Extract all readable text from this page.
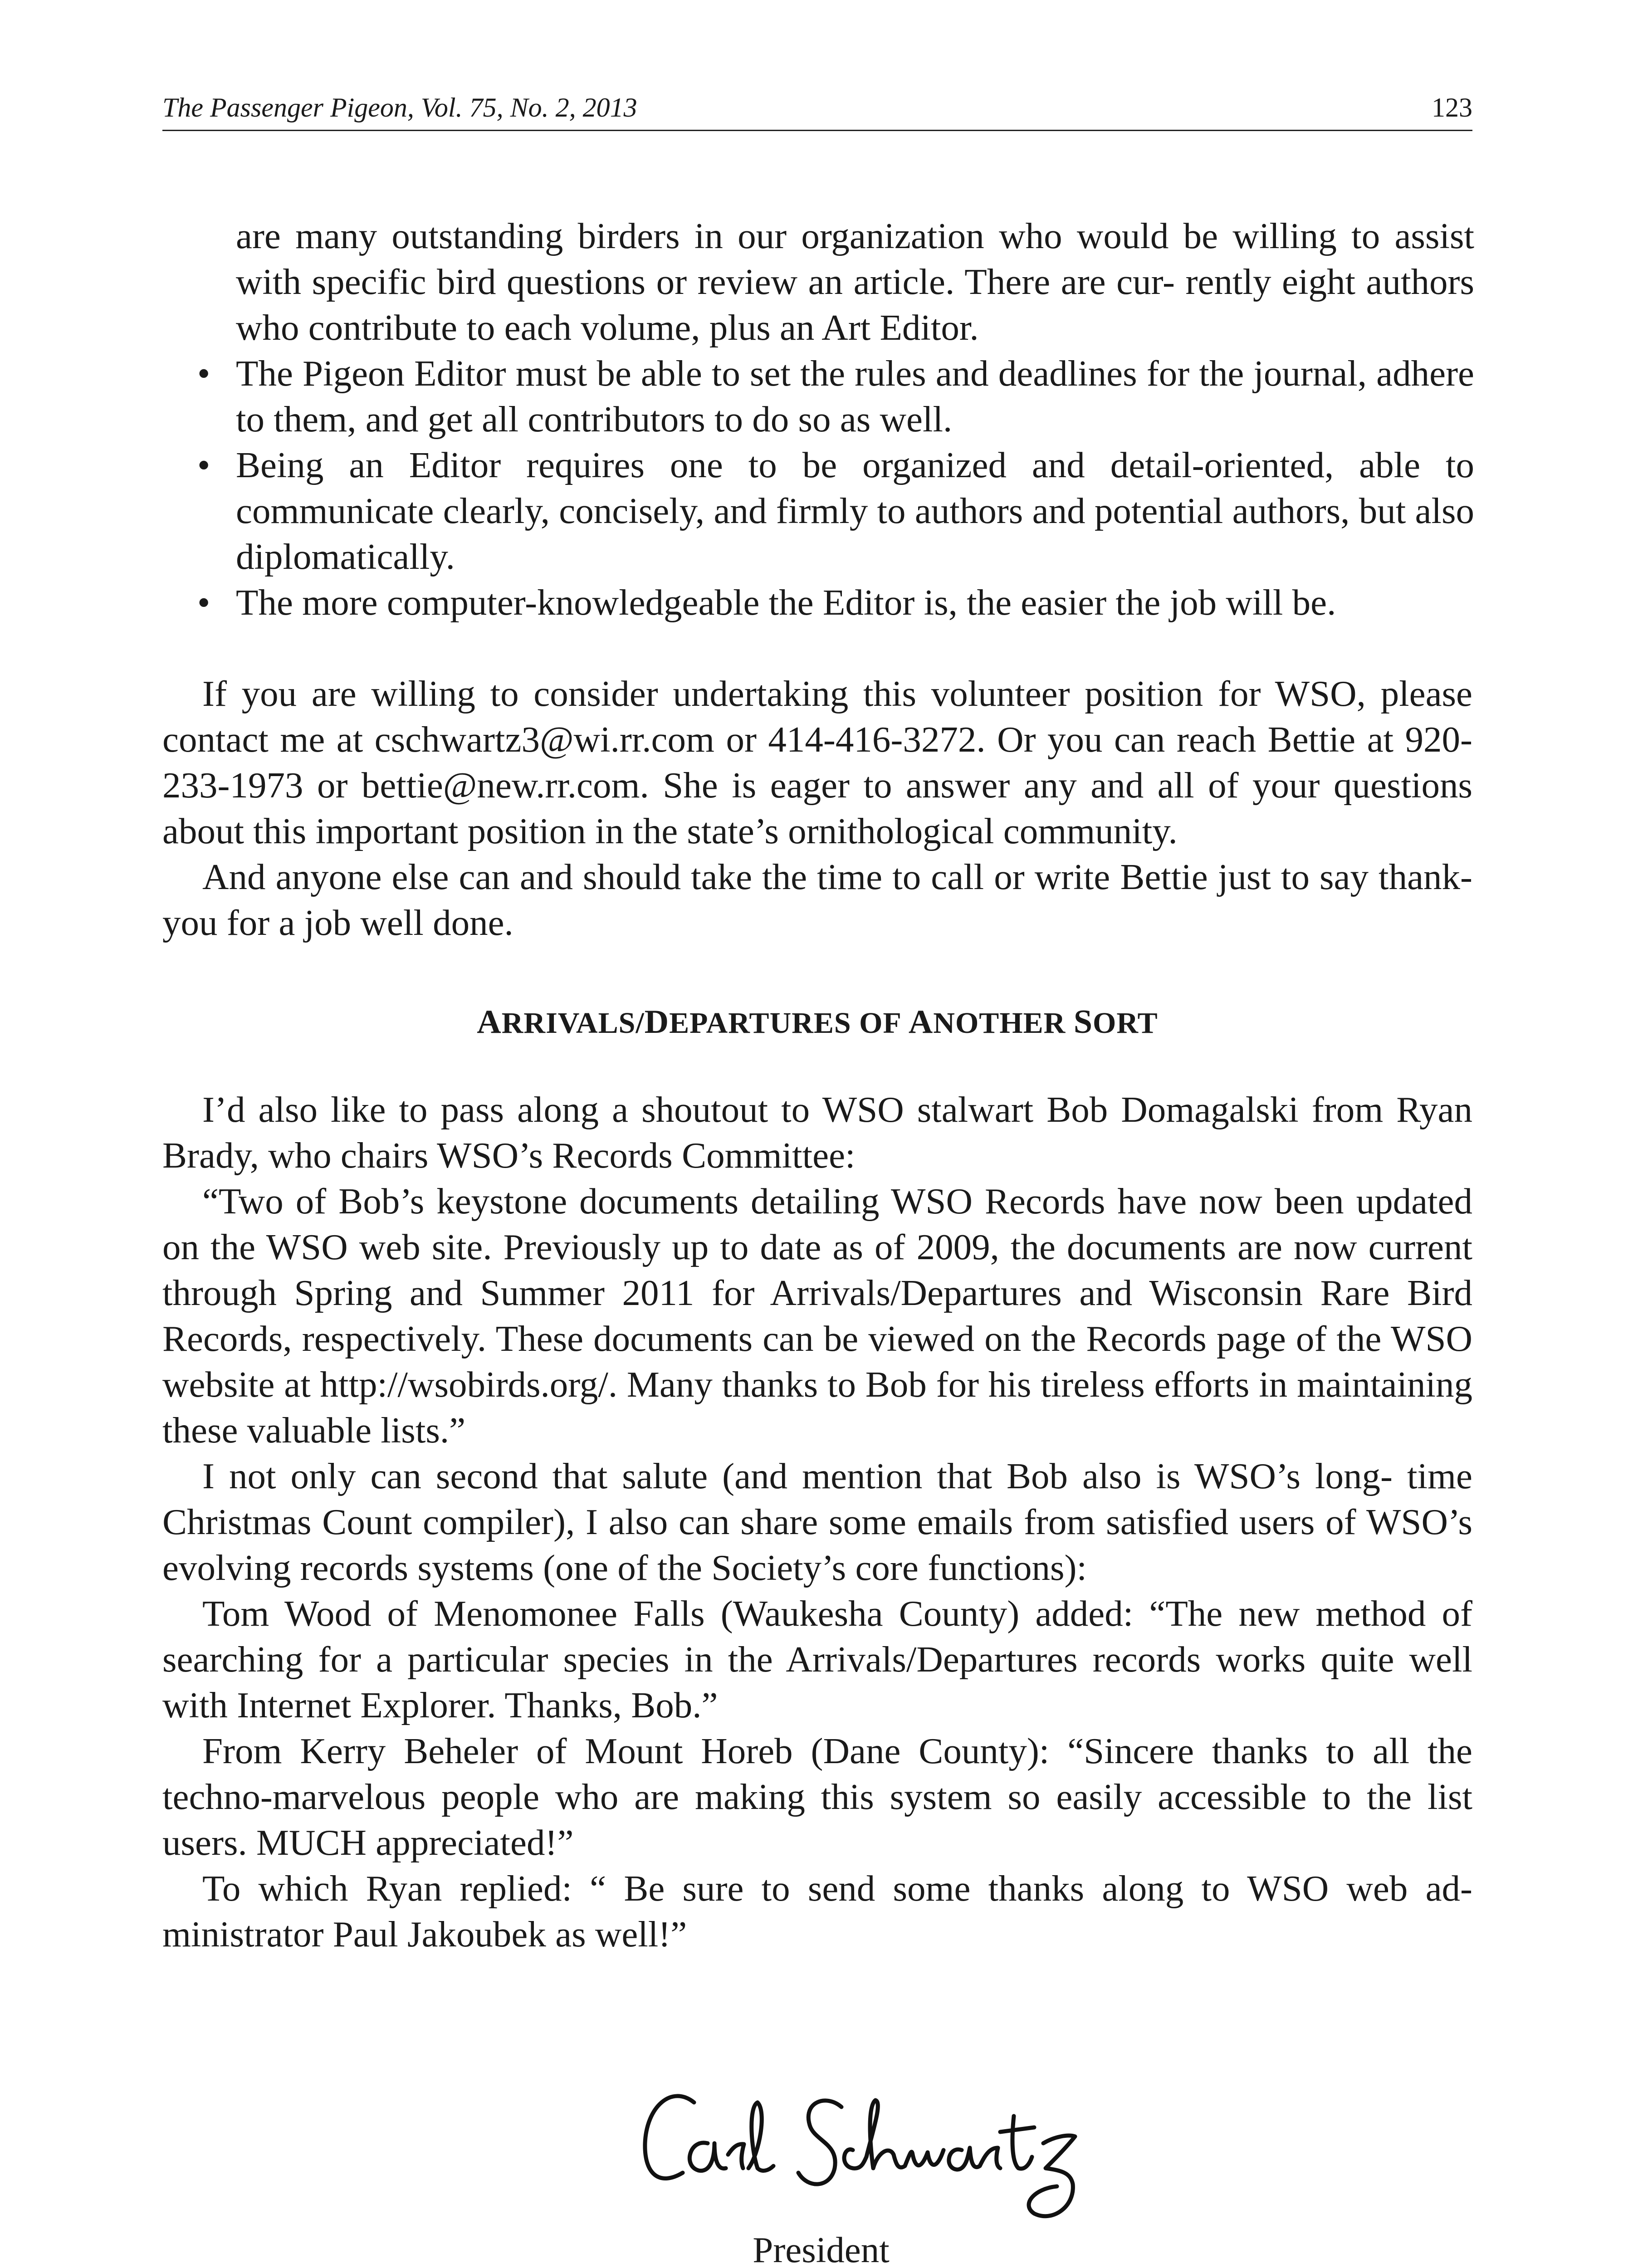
The Passenger Pigeon, Vol. 75, No. 2, 2013	123
are many outstanding birders in our organization who would be willing to assist with specific bird questions or review an article. There are cur- rently eight authors who contribute to each volume, plus an Art Editor.
• The Pigeon Editor must be able to set the rules and deadlines for the journal, adhere to them, and get all contributors to do so as well.
• Being an Editor requires one to be organized and detail-oriented, able to communicate clearly, concisely, and firmly to authors and potential authors, but also diplomatically.
• The more computer-knowledgeable the Editor is, the easier the job will be.

If you are willing to consider undertaking this volunteer position for WSO, please contact me at cschwartz3@wi.rr.com or 414-416-3272. Or you can reach Bettie at 920-233-1973 or bettie@new.rr.com. She is eager to answer any and all of your questions about this important position in the state’s ornithological community.

And anyone else can and should take the time to call or write Bettie just to say thank-you for a job well done.

ARRIVALS/DEPARTURES OF ANOTHER SORT

I’d also like to pass along a shoutout to WSO stalwart Bob Domagalski from Ryan Brady, who chairs WSO’s Records Committee:

“Two of Bob’s keystone documents detailing WSO Records have now been updated on the WSO web site. Previously up to date as of 2009, the documents are now current through Spring and Summer 2011 for Arrivals/Departures and Wisconsin Rare Bird Records, respectively. These documents can be viewed on the Records page of the WSO website at http://wsobirds.org/. Many thanks to Bob for his tireless efforts in maintaining these valuable lists.”

I not only can second that salute (and mention that Bob also is WSO’s long- time Christmas Count compiler), I also can share some emails from satisfied users of WSO’s evolving records systems (one of the Society’s core functions):

Tom Wood of Menomonee Falls (Waukesha County) added: “The new method of searching for a particular species in the Arrivals/Departures records works quite well with Internet Explorer. Thanks, Bob.”

From Kerry Beheler of Mount Horeb (Dane County): “Sincere thanks to all the techno-marvelous people who are making this system so easily accessible to the list users. MUCH appreciated!”

To which Ryan replied: “ Be sure to send some thanks along to WSO web ad- ministrator Paul Jakoubek as well!”

President
